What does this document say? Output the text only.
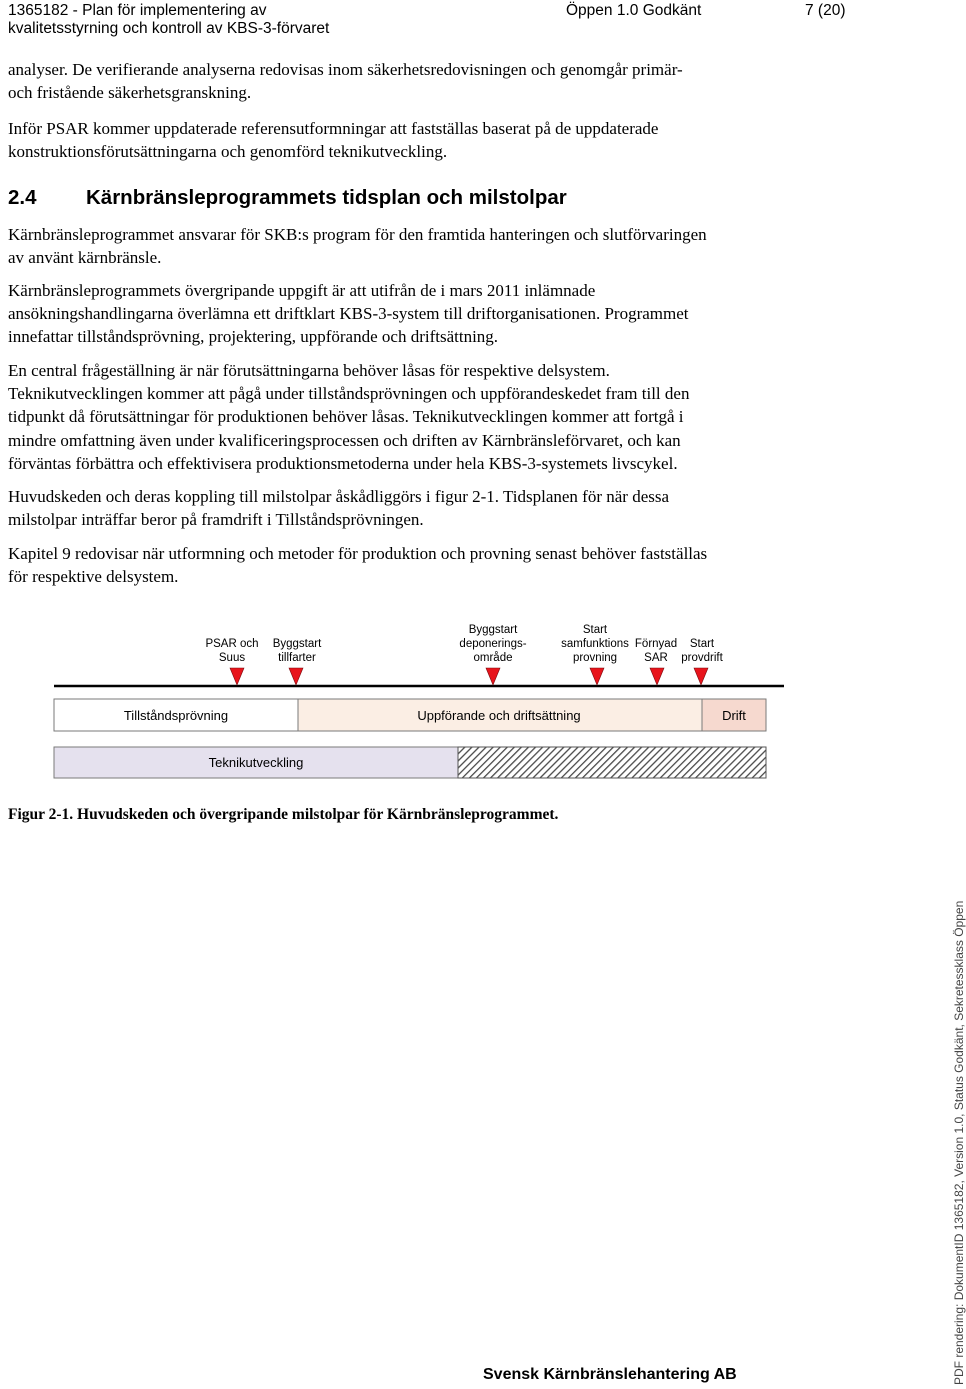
1365182 - Plan för implementering av
kvalitetsstyrning och kontroll av KBS-3-förvaret
Öppen 1.0 Godkänt	7 (20)
analyser. De verifierande analyserna redovisas inom säkerhetsredovisningen och genomgår primär-
och fristående säkerhetsgranskning.
Inför PSAR kommer uppdaterade referensutformningar att fastställas baserat på de uppdaterade
konstruktionsförutsättningarna och genomförd teknikutveckling.
2.4 Kärnbränsleprogrammets tidsplan och milstolpar
Kärnbränsleprogrammet ansvarar för SKB:s program för den framtida hanteringen och slutförvaringen
av använt kärnbränsle.
Kärnbränsleprogrammets övergripande uppgift är att utifrån de i mars 2011 inlämnade
ansökningshandlingarna överlämna ett driftklart KBS-3-system till driftorganisationen. Programmet
innefattar tillståndsprövning, projektering, uppförande och driftsättning.
En central frågeställning är när förutsättningarna behöver låsas för respektive delsystem.
Teknikutvecklingen kommer att pågå under tillståndsprövningen och uppförandeskedet fram till den
tidpunkt då förutsättningar för produktionen behöver låsas. Teknikutvecklingen kommer att fortgå i
mindre omfattning även under kvalificeringsprocessen och driften av Kärnbränsleförvaret, och kan
förväntas förbättra och effektivisera produktionsmetoderna under hela KBS-3-systemets livscykel.
Huvudskeden och deras koppling till milstolpar åskådliggörs i figur 2-1. Tidsplanen för när dessa
milstolpar inträffar beror på framdrift i Tillståndsprövningen.
Kapitel 9 redovisar när utformning och metoder för produktion och provning senast behöver fastställas
för respektive delsystem.
PSAR och
Suus
Byggstart
tillfarter
Byggstart
deponerings-
område
Start
samfunktions
provning
Förnyad
SAR
Start
provdrift
Tillståndsprövning	Uppförande och driftsättning	Drift
Teknikutveckling
Figur 2-1. Huvudskeden och övergripande milstolpar för Kärnbränsleprogrammet.
Svensk Kärnbränslehantering AB	PDF rendering: DokumentID 1365182, Version 1.0, Status Godkänt, Sekretessklass Öppen
